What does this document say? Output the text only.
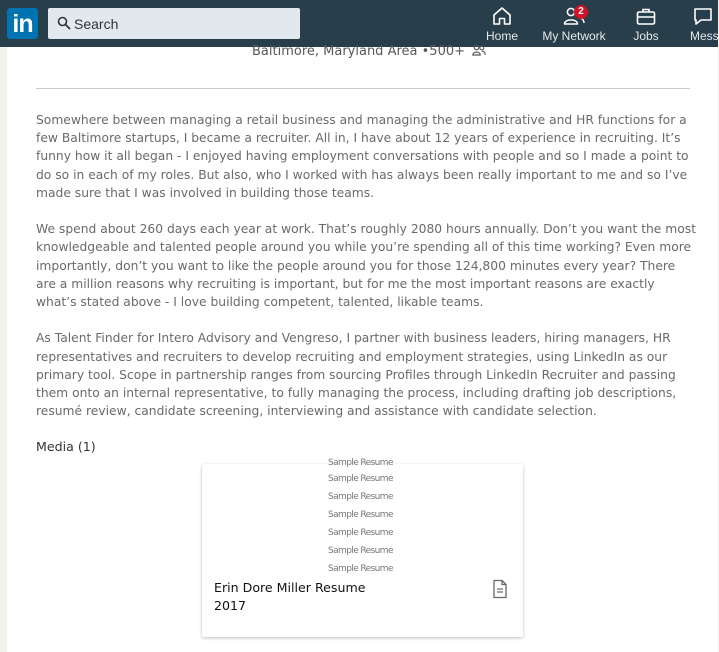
in
Search	Home
2
My Network	Jobs	Mess
Baltimore, Maryland Area •500+

Somewhere between managing a retail business and managing the administrative and HR functions for a few Baltimore startups, I became a recruiter. All in, I have about 12 years of experience in recruiting. It’s funny how it all began - I enjoyed having employment conversations with people and so I made a point to do so in each of my roles. But also, who I worked with has always been really important to me and so I’ve made sure that I was involved in building those teams.

We spend about 260 days each year at work. That’s roughly 2080 hours annually. Don’t you want the most knowledgeable and talented people around you while you’re spending all of this time working? Even more importantly, don’t you want to like the people around you for those 124,800 minutes every year? There are a million reasons why recruiting is important, but for me the most important reasons are exactly what’s stated above - I love building competent, talented, likable teams.

As Talent Finder for Intero Advisory and Vengreso, I partner with business leaders, hiring managers, HR representatives and recruiters to develop recruiting and employment strategies, using LinkedIn as our primary tool. Scope in partnership ranges from sourcing Profiles through LinkedIn Recruiter and passing them onto an internal representative, to fully managing the process, including drafting job descriptions, resumé review, candidate screening, interviewing and assistance with candidate selection.

Media (1)
Sample Resume
Sample Resume
Sample Resume
Sample Resume
Sample Resume
Sample Resume
Sample Resume
Erin Dore Miller Resume
2017
